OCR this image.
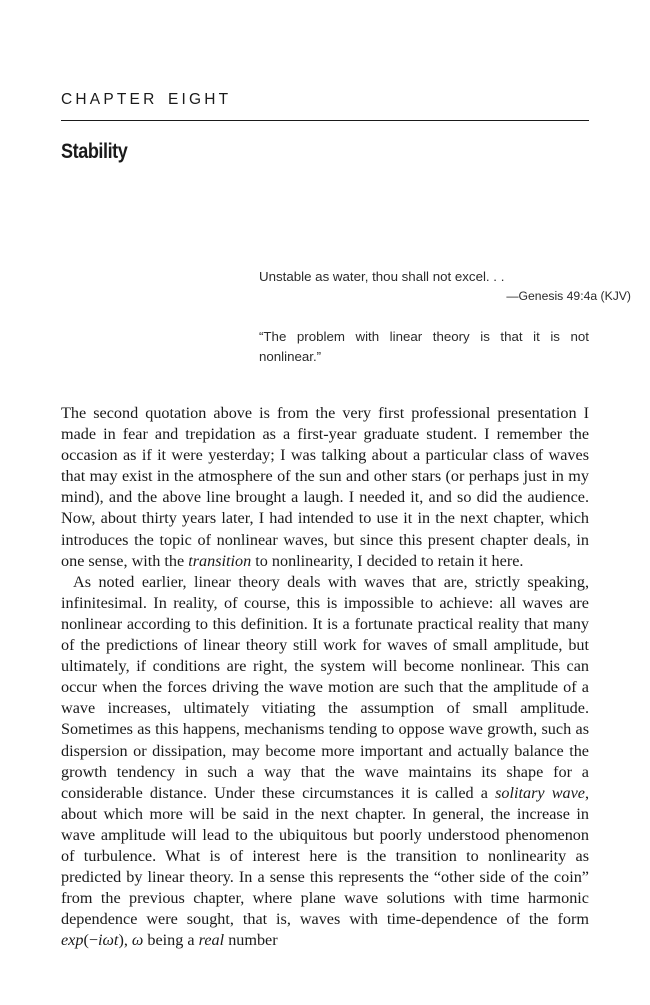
CHAPTER EIGHT
Stability
Unstable as water, thou shall not excel. . .
—Genesis 49:4a (KJV)
“The problem with linear theory is that it is not nonlinear.”

The second quotation above is from the very first professional presentation I made in fear and trepidation as a first-year graduate student. I remember the occasion as if it were yesterday; I was talking about a particular class of waves that may exist in the atmosphere of the sun and other stars (or perhaps just in my mind), and the above line brought a laugh. I needed it, and so did the audience. Now, about thirty years later, I had intended to use it in the next chapter, which introduces the topic of nonlinear waves, but since this present chapter deals, in one sense, with the transition to nonlinearity, I decided to retain it here.

As noted earlier, linear theory deals with waves that are, strictly speaking, infinitesimal. In reality, of course, this is impossible to achieve: all waves are nonlinear according to this definition. It is a fortunate practical reality that many of the predictions of linear theory still work for waves of small amplitude, but ultimately, if conditions are right, the system will become nonlinear. This can occur when the forces driving the wave motion are such that the amplitude of a wave increases, ultimately vitiating the assumption of small amplitude. Sometimes as this happens, mechanisms tending to oppose wave growth, such as dispersion or dissipation, may become more important and actually balance the growth tendency in such a way that the wave maintains its shape for a considerable distance. Under these circumstances it is called a solitary wave, about which more will be said in the next chapter. In general, the increase in wave amplitude will lead to the ubiquitous but poorly understood phenomenon of turbulence. What is of interest here is the transition to nonlinearity as predicted by linear theory. In a sense this represents the “other side of the coin” from the previous chapter, where plane wave solutions with time harmonic dependence were sought, that is, waves with time-dependence of the form exp(−iωt), ω being a real number
